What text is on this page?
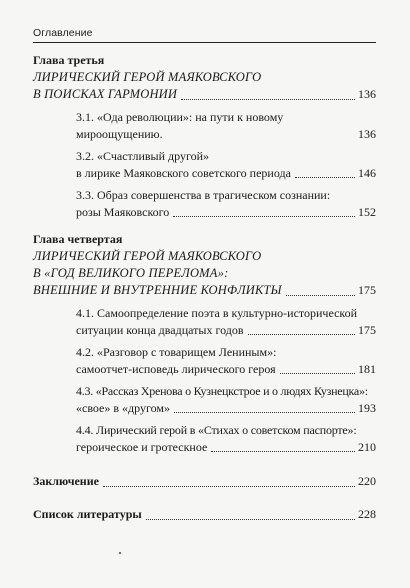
Оглавление

Глава третья

ЛИРИЧЕСКИЙ ГЕРОЙ МАЯКОВСКОГО

В ПОИСКАХ ГАРМОНИИ	136
3.1. «Ода революции»: на пути к новому мироощущению.	136

3.2. «Счастливый другой»

в лирике Маяковского советского периода	146

3.3. Образ совершенства в трагическом сознании:

розы Маяковского	152

Глава четвертая

ЛИРИЧЕСКИЙ ГЕРОЙ МАЯКОВСКОГО

В «ГОД ВЕЛИКОГО ПЕРЕЛОМА»:

ВНЕШНИЕ И ВНУТРЕННИЕ КОНФЛИКТЫ	175

4.1. Самоопределение поэта в культурно-исторической

ситуации конца двадцатых годов	175

4.2. «Разговор с товарищем Лениным»:

самоотчет-исповедь лирического героя	181

4.3. «Рассказ Хренова о Кузнецкстрое и о людях Кузнецка»:

«свое» в «другом»	193

4.4. Лирический герой в «Стихах о советском паспорте»:

героическое и гротескное	210
Заключение	220
Список литературы	228
